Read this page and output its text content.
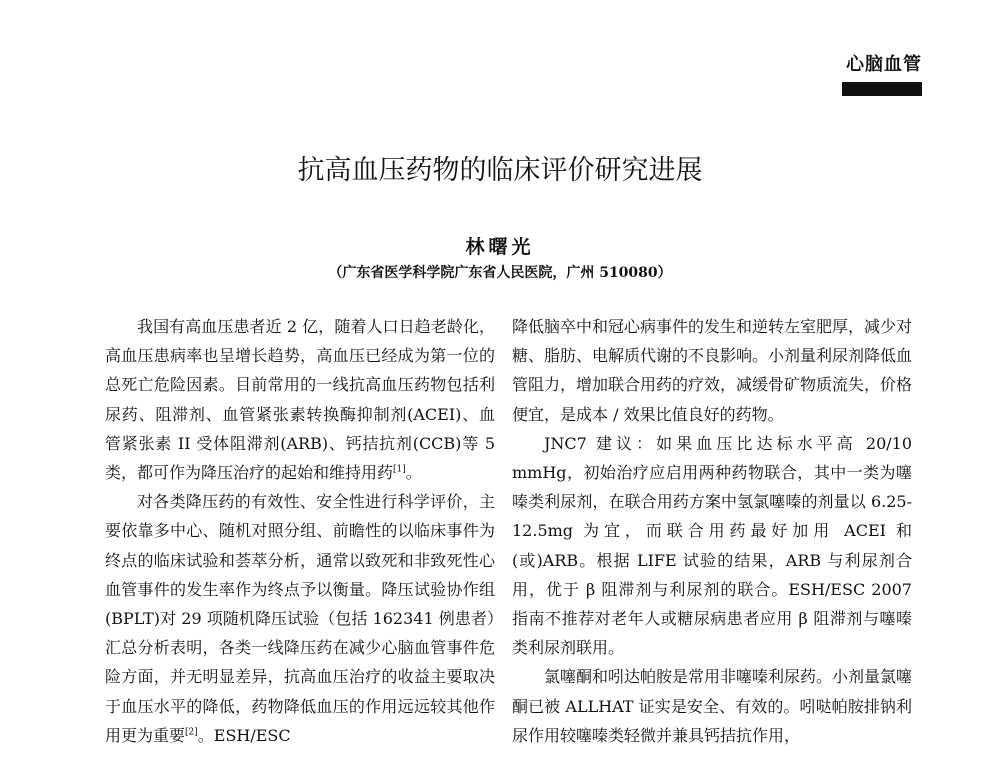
心脑血管
抗高血压药物的临床评价研究进展
林曙光
（广东省医学科学院广东省人民医院，广州 510080）

我国有高血压患者近 2 亿，随着人口日趋老龄化，高血压患病率也呈增长趋势，高血压已经成为第一位的总死亡危险因素。目前常用的一线抗高血压药物包括利尿药、阻滞剂、血管紧张素转换酶抑制剂(ACEI)、血管紧张素 II 受体阻滞剂(ARB)、钙拮抗剂(CCB)等 5 类，都可作为降压治疗的起始和维持用药[1]。

对各类降压药的有效性、安全性进行科学评价，主要依靠多中心、随机对照分组、前瞻性的以临床事件为终点的临床试验和荟萃分析，通常以致死和非致死性心血管事件的发生率作为终点予以衡量。降压试验协作组(BPLT)对 29 项随机降压试验（包括 162341 例患者）汇总分析表明，各类一线降压药在减少心脑血管事件危险方面，并无明显差异，抗高血压治疗的收益主要取决于血压水平的降低，药物降低血压的作用远远较其他作用更为重要[2]。ESH/ESC

降低脑卒中和冠心病事件的发生和逆转左室肥厚，减少对糖、脂肪、电解质代谢的不良影响。小剂量利尿剂降低血管阻力，增加联合用药的疗效，减缓骨矿物质流失，价格便宜，是成本 / 效果比值良好的药物。

JNC7 建议：如果血压比达标水平高 20/10 mmHg，初始治疗应启用两种药物联合，其中一类为噻嗪类利尿剂，在联合用药方案中氢氯噻嗪的剂量以 6.25-12.5mg 为宜，而联合用药最好加用 ACEI 和(或)ARB。根据 LIFE 试验的结果，ARB 与利尿剂合用，优于 β 阻滞剂与利尿剂的联合。ESH/ESC 2007 指南不推荐对老年人或糖尿病患者应用 β 阻滞剂与噻嗪类利尿剂联用。

氯噻酮和吲达帕胺是常用非噻嗪利尿药。小剂量氯噻酮已被 ALLHAT 证实是安全、有效的。吲哒帕胺排钠利尿作用较噻嗪类轻微并兼具钙拮抗作用，
